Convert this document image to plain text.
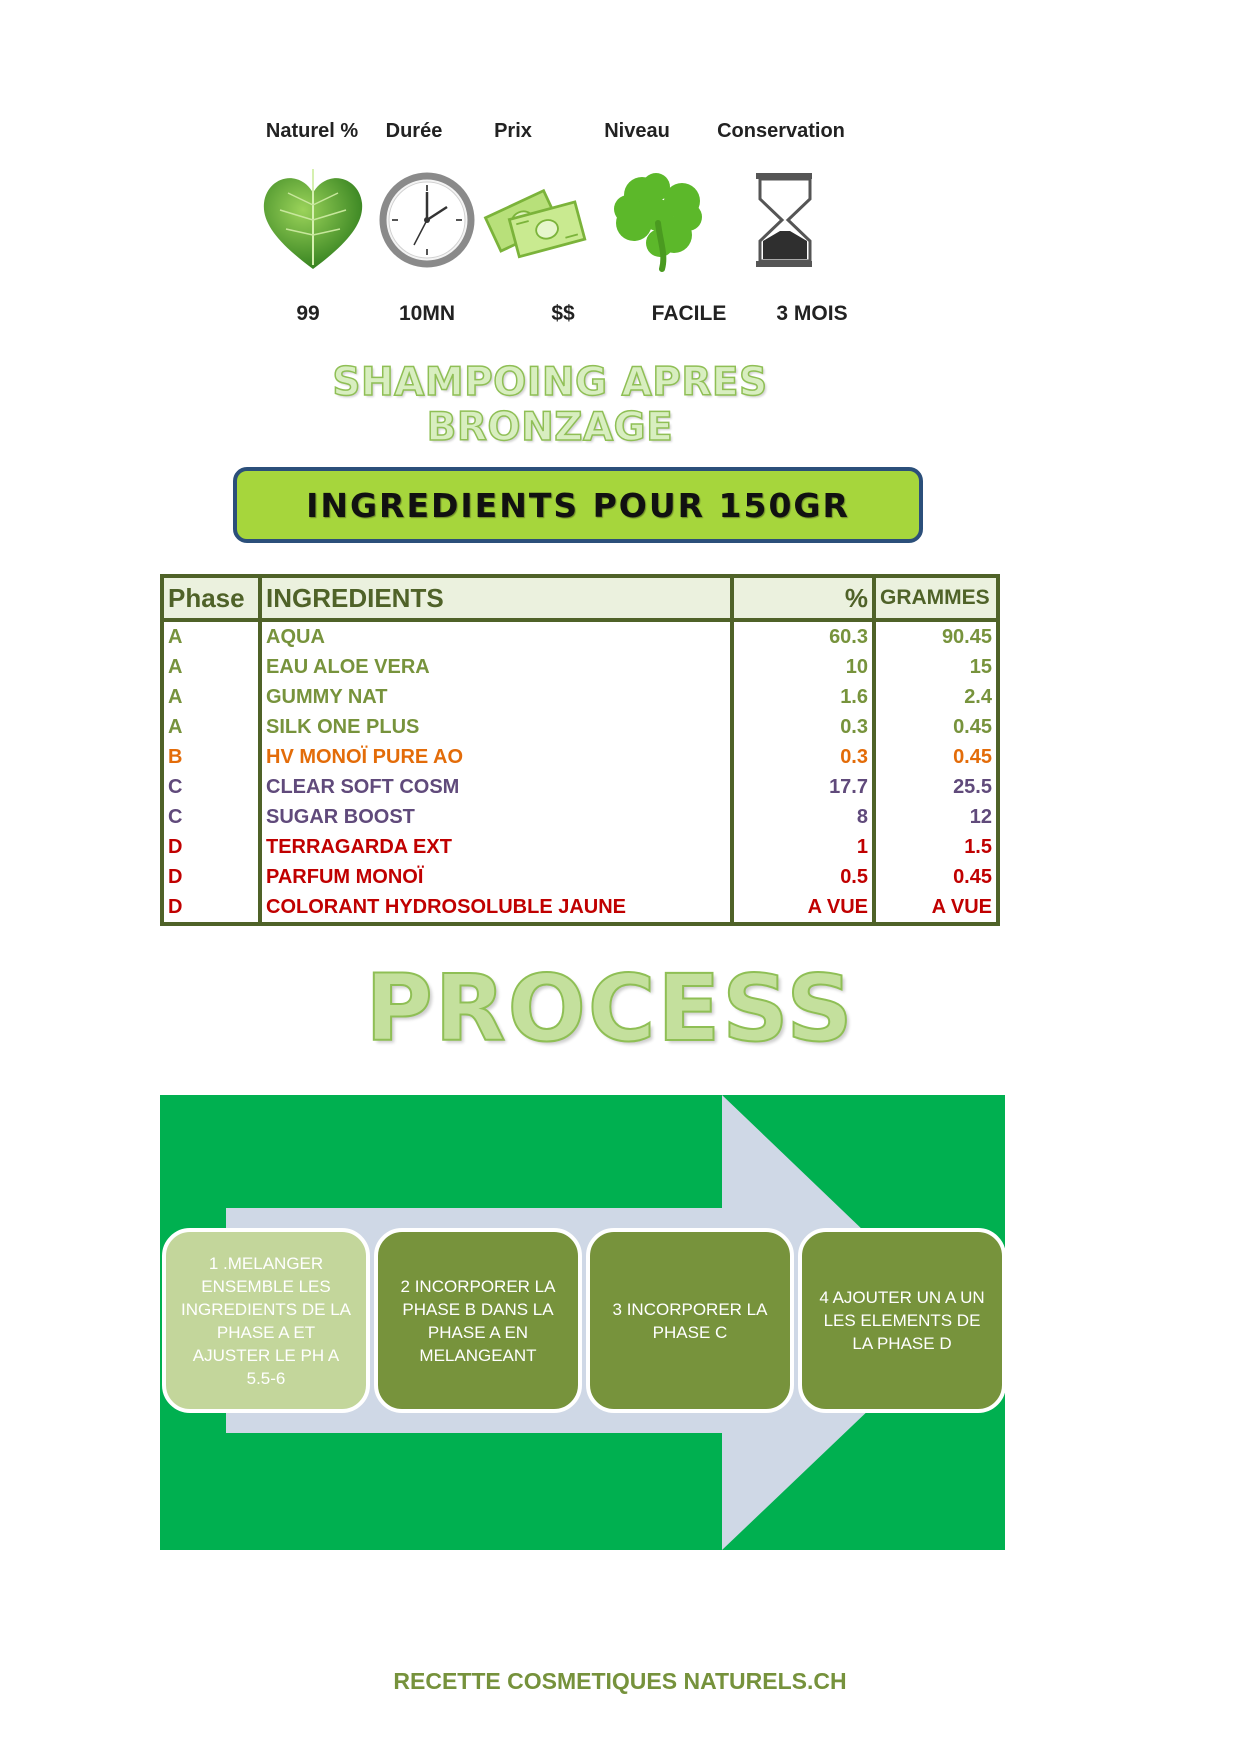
Naturel %	Durée	Prix	Niveau	Conservation
99	10MN	$$	FACILE	3 MOIS
SHAMPOING APRES BRONZAGE
INGREDIENTS POUR 150GR
Phase	INGREDIENTS	%	GRAMMES
A	AQUA	60.3	90.45
A	EAU ALOE VERA	10	15
A	GUMMY NAT	1.6	2.4
A	SILK ONE PLUS	0.3	0.45
B	HV MONOÏ PURE AO	0.3	0.45
C	CLEAR SOFT COSM	17.7	25.5
C	SUGAR BOOST	8	12
D	TERRAGARDA EXT	1	1.5
D	PARFUM MONOÏ	0.5	0.45
D	COLORANT HYDROSOLUBLE JAUNE	A VUE	A VUE
PROCESS
1 .MELANGER ENSEMBLE LES INGREDIENTS DE LA PHASE A ET AJUSTER LE PH A 5.5-6
2 INCORPORER LA PHASE B DANS LA PHASE A EN MELANGEANT
3 INCORPORER LA PHASE C
4 AJOUTER UN A UN LES ELEMENTS DE LA PHASE D
RECETTE COSMETIQUES NATURELS.CH
